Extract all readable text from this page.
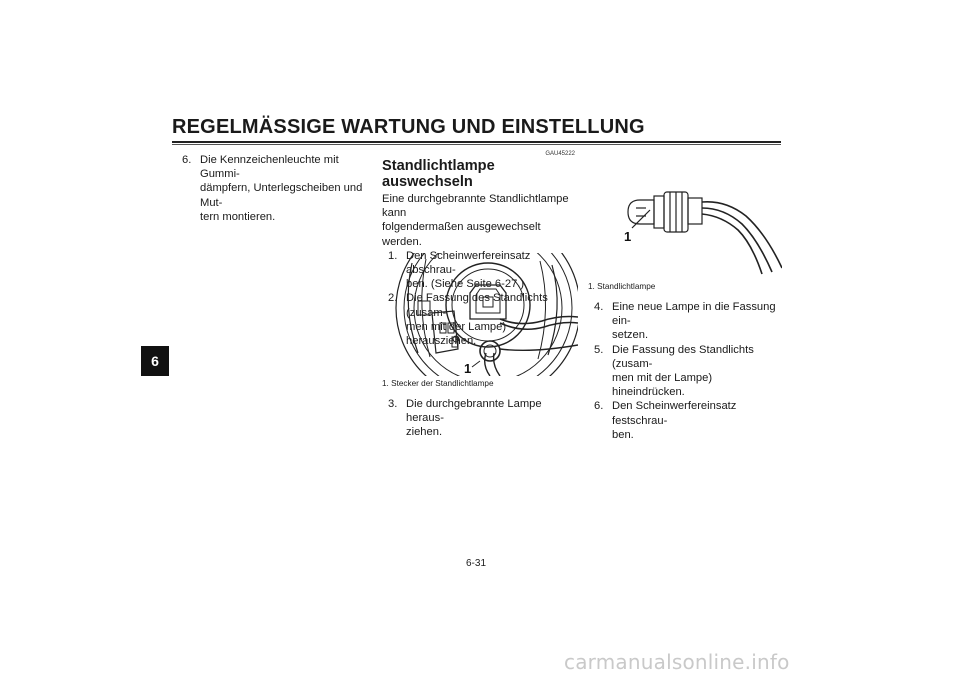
REGELMÄSSIGE WARTUNG UND EINSTELLUNG
6

6. Die Kennzeichenleuchte mit Gummi-
dämpfern, Unterlegscheiben und Mut-
tern montieren.

GAU45222
Standlichtlampe auswechseln

Eine durchgebrannte Standlichtlampe kann
folgendermaßen ausgewechselt werden.

1. Den Scheinwerfereinsatz abschrau-
ben. (Siehe Seite 6-27.)

2. Die Fassung des Standlichts (zusam-
men mit der Lampe) herausziehen.

1
1. Stecker der Standlichtlampe

3. Die durchgebrannte Lampe heraus-
ziehen.

1
1. Standlichtlampe

4. Eine neue Lampe in die Fassung ein-
setzen.

5. Die Fassung des Standlichts (zusam-
men mit der Lampe) hineindrücken.

6. Den Scheinwerfereinsatz festschrau-
ben.

6-31
carmanualsonline.info
